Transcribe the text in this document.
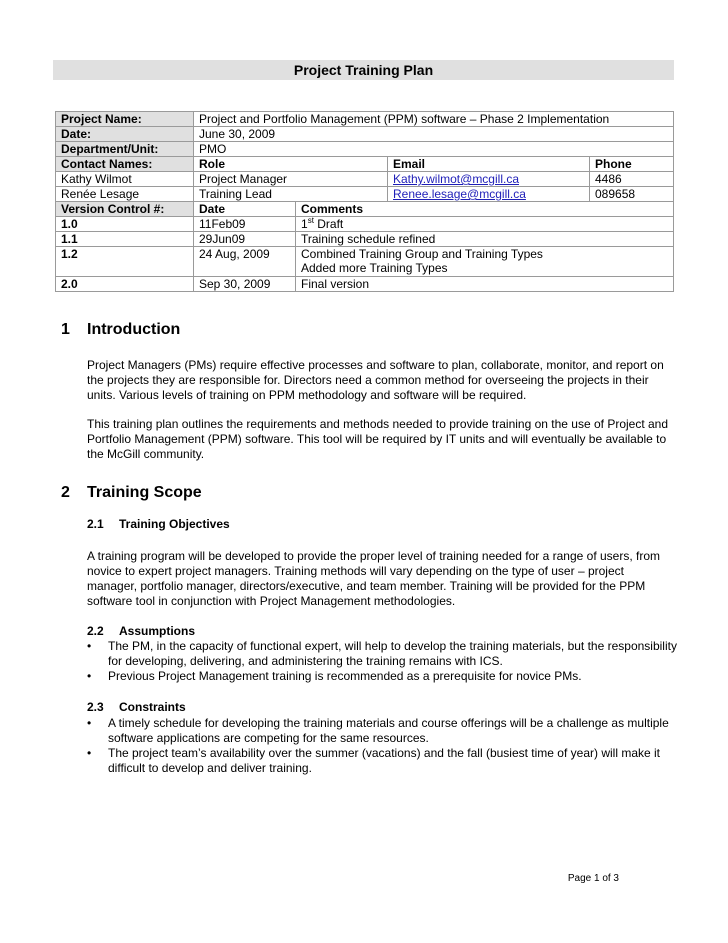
Project Training Plan
Project Name:	Project and Portfolio Management (PPM) software – Phase 2 Implementation			
Date:	June 30, 2009			
Department/Unit:	PMO			
Contact Names:	Role		Email	Phone
Kathy Wilmot	Project Manager		Kathy.wilmot@mcgill.ca	4486
Renée Lesage	Training Lead		Renee.lesage@mcgill.ca	089658
Version Control #:	Date	Comments		
1.0	11Feb09	1st Draft		
1.1	29Jun09	Training schedule refined		
1.2	24 Aug, 2009	Combined Training Group and Training Types
Added more Training Types		

2.0	Sep 30, 2009	Final version		
1 Introduction

Project Managers (PMs) require effective processes and software to plan, collaborate, monitor, and report on the projects they are responsible for. Directors need a common method for overseeing the projects in their units. Various levels of training on PPM methodology and software will be required.

This training plan outlines the requirements and methods needed to provide training on the use of Project and Portfolio Management (PPM) software. This tool will be required by IT units and will eventually be available to the McGill community.

2 Training Scope
2.1 Training Objectives

A training program will be developed to provide the proper level of training needed for a range of users, from novice to expert project managers. Training methods will vary depending on the type of user – project manager, portfolio manager, directors/executive, and team member. Training will be provided for the PPM software tool in conjunction with Project Management methodologies.

2.2 Assumptions
• The PM, in the capacity of functional expert, will help to develop the training materials, but the responsibility for developing, delivering, and administering the training remains with ICS.
• Previous Project Management training is recommended as a prerequisite for novice PMs.
2.3 Constraints
• A timely schedule for developing the training materials and course offerings will be a challenge as multiple software applications are competing for the same resources.
• The project team’s availability over the summer (vacations) and the fall (busiest time of year) will make it difficult to develop and deliver training.
Page 1 of 3
